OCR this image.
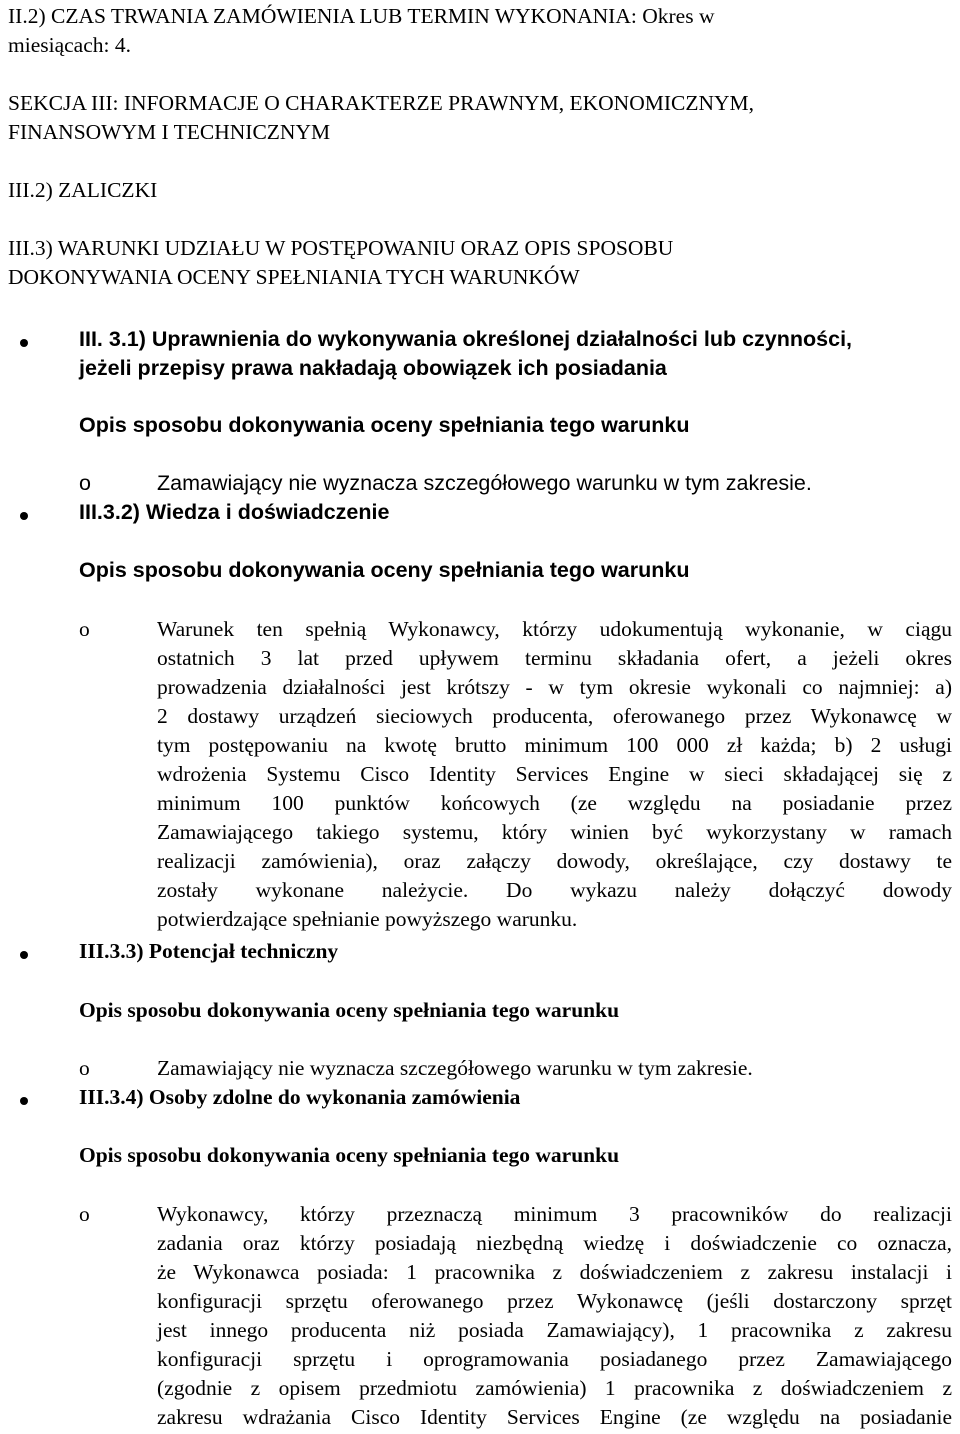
II.2) CZAS TRWANIA ZAMÓWIENIA LUB TERMIN WYKONANIA: Okres w
miesiącach: 4.
SEKCJA III: INFORMACJE O CHARAKTERZE PRAWNYM, EKONOMICZNYM,
FINANSOWYM I TECHNICZNYM
III.2) ZALICZKI
III.3) WARUNKI UDZIAŁU W POSTĘPOWANIU ORAZ OPIS SPOSOBU
DOKONYWANIA OCENY SPEŁNIANIA TYCH WARUNKÓW
III. 3.1) Uprawnienia do wykonywania określonej działalności lub czynności,
jeżeli przepisy prawa nakładają obowiązek ich posiadania
Opis sposobu dokonywania oceny spełniania tego warunku
o	Zamawiający nie wyznacza szczegółowego warunku w tym zakresie.
III.3.2) Wiedza i doświadczenie
Opis sposobu dokonywania oceny spełniania tego warunku
o	Warunek ten spełnią Wykonawcy, którzy udokumentują wykonanie, w ciągu
ostatnich 3 lat przed upływem terminu składania ofert, a jeżeli okres
prowadzenia działalności jest krótszy - w tym okresie wykonali co najmniej: a)
2 dostawy urządzeń sieciowych producenta, oferowanego przez Wykonawcę w
tym postępowaniu na kwotę brutto minimum 100 000 zł każda; b) 2 usługi
wdrożenia Systemu Cisco Identity Services Engine w sieci składającej się z
minimum 100 punktów końcowych (ze względu na posiadanie przez
Zamawiającego takiego systemu, który winien być wykorzystany w ramach
realizacji zamówienia), oraz załączy dowody, określające, czy dostawy te
zostały wykonane należycie. Do wykazu należy dołączyć dowody
potwierdzające spełnianie powyższego warunku.
III.3.3) Potencjał techniczny
Opis sposobu dokonywania oceny spełniania tego warunku
o	Zamawiający nie wyznacza szczegółowego warunku w tym zakresie.
III.3.4) Osoby zdolne do wykonania zamówienia
Opis sposobu dokonywania oceny spełniania tego warunku
o	Wykonawcy, którzy przeznaczą minimum 3 pracowników do realizacji
zadania oraz którzy posiadają niezbędną wiedzę i doświadczenie co oznacza,
że Wykonawca posiada: 1 pracownika z doświadczeniem z zakresu instalacji i
konfiguracji sprzętu oferowanego przez Wykonawcę (jeśli dostarczony sprzęt
jest innego producenta niż posiada Zamawiający), 1 pracownika z zakresu
konfiguracji sprzętu i oprogramowania posiadanego przez Zamawiającego
(zgodnie z opisem przedmiotu zamówienia) 1 pracownika z doświadczeniem z
zakresu wdrażania Cisco Identity Services Engine (ze względu na posiadanie
